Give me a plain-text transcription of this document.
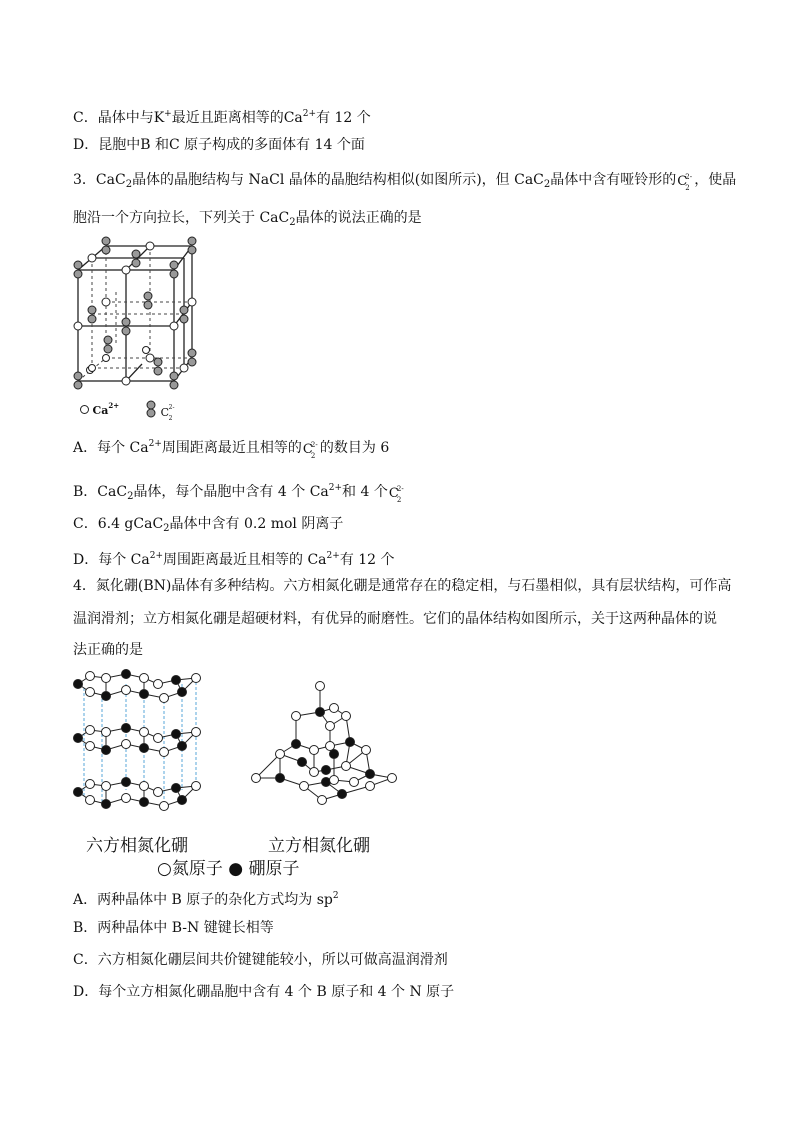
C．晶体中与K+最近且距离相等的$Ca^{2+}$有 12 个
D．昆胞中B 和C 原子构成的多面体有 14 个面
3．CaC$_2$晶体的晶胞结构与 NaCl 晶体的晶胞结构相似(如图所示)，但 CaC$_2$晶体中含有哑铃形的 C
2-
2 ，使晶
胞沿一个方向拉长，下列关于 CaC$_2$晶体的说法正确的是
$Ca^{2+}$
C 2-
2
A．每个 $Ca^{2+}$周围距离最近且相等的 C
2-
2 的数目为 6
B．CaC$_2$晶体，每个晶胞中含有 4 个 $Ca^{2+}$和 4 个 C
2-
2
C．6.4 gCaC$_2$晶体中含有 0.2 mol 阴离子
D．每个 $Ca^{2+}$周围距离最近且相等的 $Ca^{2+}$有 12 个
4．氮化硼(BN)晶体有多种结构。六方相氮化硼是通常存在的稳定相，与石墨相似，具有层状结构，可作高
温润滑剂；立方相氮化硼是超硬材料，有优异的耐磨性。它们的晶体结构如图所示，关于这两种晶体的说
法正确的是
六方相氮化硼	立方相氮化硼
○氮原子 ● 硼原子
A．两种晶体中 B 原子的杂化方式均为 $sp^2$
B．两种晶体中 B-N 键键长相等
C．六方相氮化硼层间共价键键能较小，所以可做高温润滑剂
D．每个立方相氮化硼晶胞中含有 4 个 B 原子和 4 个 N 原子
